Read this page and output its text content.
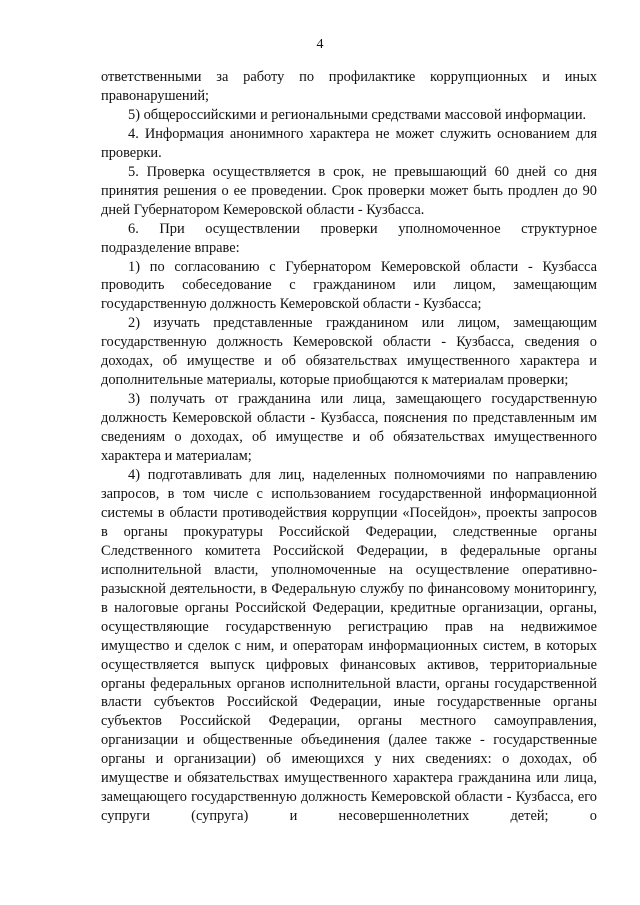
4

ответственными за работу по профилактике коррупционных и иных правонарушений;

5) общероссийскими и региональными средствами массовой информации.

4. Информация анонимного характера не может служить основанием для проверки.

5. Проверка осуществляется в срок, не превышающий 60 дней со дня принятия решения о ее проведении. Срок проверки может быть продлен до 90 дней Губернатором Кемеровской области - Кузбасса.

6. При осуществлении проверки уполномоченное структурное подразделение вправе:

1) по согласованию с Губернатором Кемеровской области - Кузбасса проводить собеседование с гражданином или лицом, замещающим государственную должность Кемеровской области - Кузбасса;

2) изучать представленные гражданином или лицом, замещающим государственную должность Кемеровской области - Кузбасса, сведения о доходах, об имуществе и об обязательствах имущественного характера и дополнительные материалы, которые приобщаются к материалам проверки;

3) получать от гражданина или лица, замещающего государственную должность Кемеровской области - Кузбасса, пояснения по представленным им сведениям о доходах, об имуществе и об обязательствах имущественного характера и материалам;

4) подготавливать для лиц, наделенных полномочиями по направлению запросов, в том числе с использованием государственной информационной системы в области противодействия коррупции «Посейдон», проекты запросов в органы прокуратуры Российской Федерации, следственные органы Следственного комитета Российской Федерации, в федеральные органы исполнительной власти, уполномоченные на осуществление оперативно-разыскной деятельности, в Федеральную службу по финансовому мониторингу, в налоговые органы Российской Федерации, кредитные организации, органы, осуществляющие государственную регистрацию прав на недвижимое имущество и сделок с ним, и операторам информационных систем, в которых осуществляется выпуск цифровых финансовых активов, территориальные органы федеральных органов исполнительной власти, органы государственной власти субъектов Российской Федерации, иные государственные органы субъектов Российской Федерации, органы местного самоуправления, организации и общественные объединения (далее также - государственные органы и организации) об имеющихся у них сведениях: о доходах, об имуществе и обязательствах имущественного характера гражданина или лица, замещающего государственную должность Кемеровской области - Кузбасса, его супруги (супруга) и несовершеннолетних детей; о
